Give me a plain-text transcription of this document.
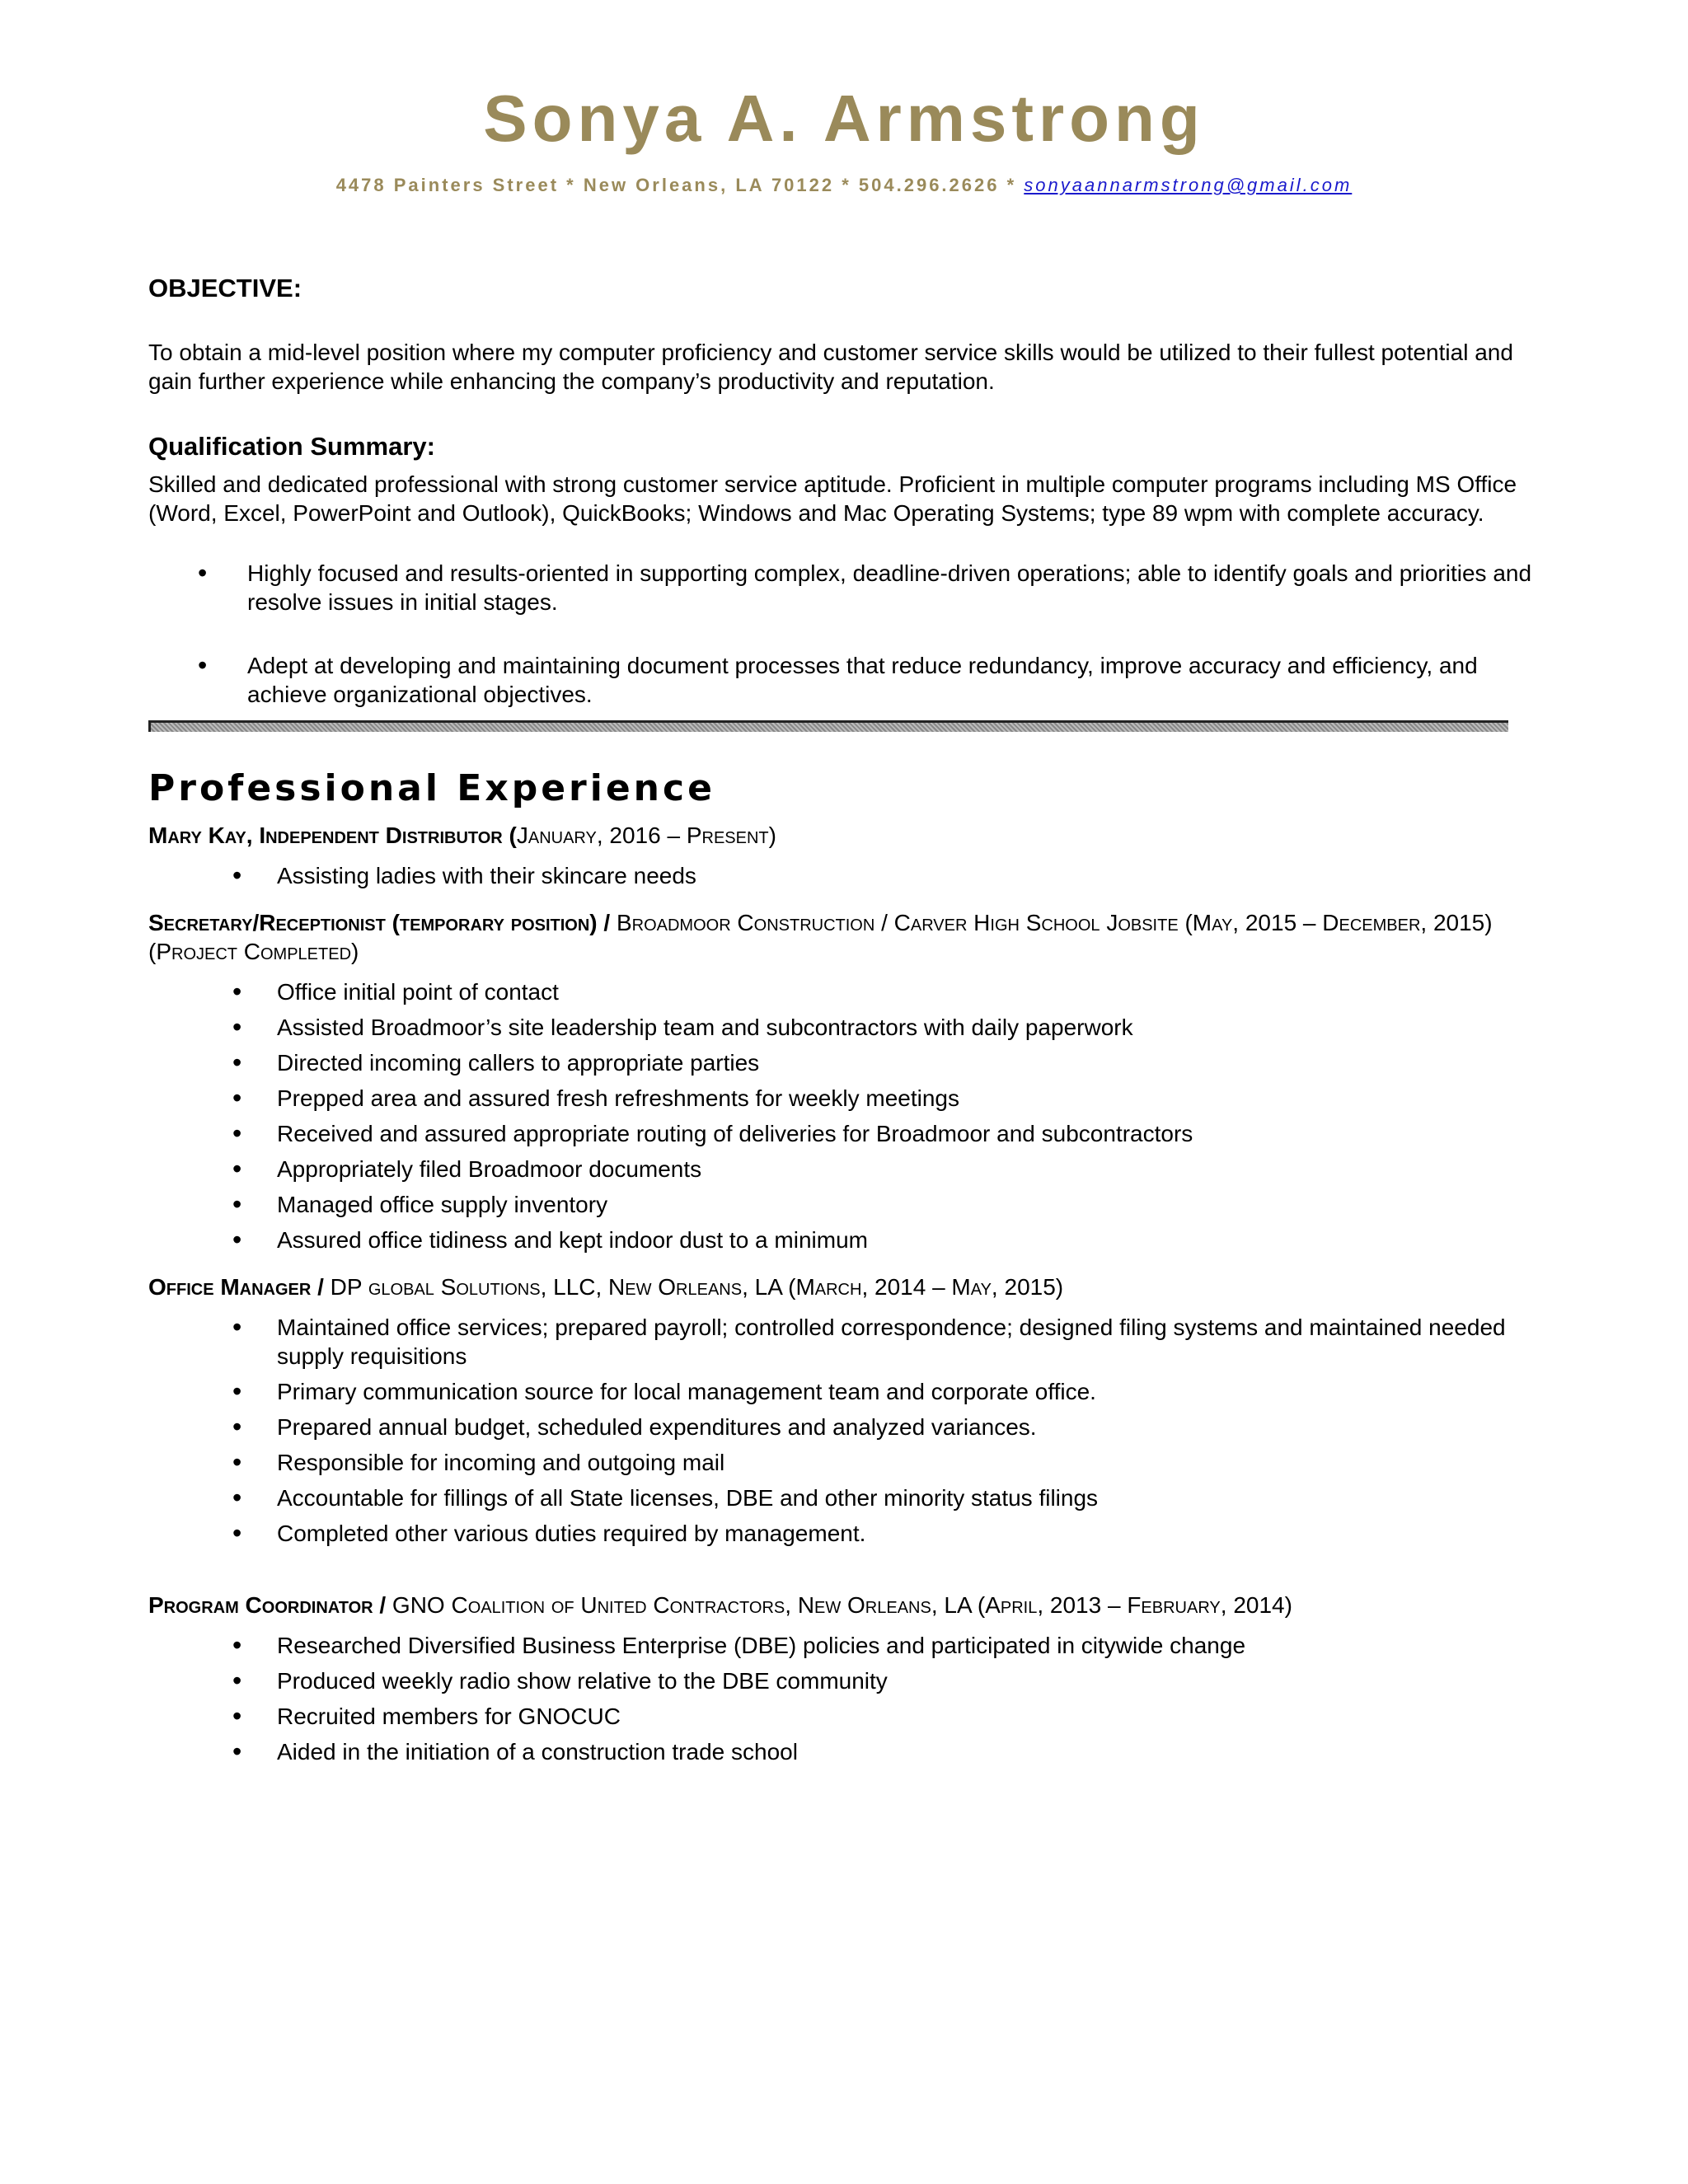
Sonya A. Armstrong
4478 Painters Street * New Orleans, LA 70122 * 504.296.2626 * sonyaannarmstrong@gmail.com
OBJECTIVE:
To obtain a mid-level position where my computer proficiency and customer service skills would be utilized to their fullest potential and gain further experience while enhancing the company’s productivity and reputation.
Qualification Summary:
Skilled and dedicated professional with strong customer service aptitude. Proficient in multiple computer programs including MS Office (Word, Excel, PowerPoint and Outlook), QuickBooks; Windows and Mac Operating Systems; type 89 wpm with complete accuracy.
• Highly focused and results-oriented in supporting complex, deadline-driven operations; able to identify goals and priorities and resolve issues in initial stages.
• Adept at developing and maintaining document processes that reduce redundancy, improve accuracy and efficiency, and achieve organizational objectives.
Professional Experience
Mary Kay, Independent Distributor (January, 2016 – Present)
• Assisting ladies with their skincare needs
Secretary/Receptionist (temporary position) / Broadmoor Construction / Carver High School Jobsite (May, 2015 – December, 2015) (Project Completed)
• Office initial point of contact
• Assisted Broadmoor’s site leadership team and subcontractors with daily paperwork
• Directed incoming callers to appropriate parties
• Prepped area and assured fresh refreshments for weekly meetings
• Received and assured appropriate routing of deliveries for Broadmoor and subcontractors
• Appropriately filed Broadmoor documents
• Managed office supply inventory
• Assured office tidiness and kept indoor dust to a minimum
Office Manager / DP global Solutions, LLC, New Orleans, LA (March, 2014 – May, 2015)
• Maintained office services; prepared payroll; controlled correspondence; designed filing systems and maintained needed supply requisitions
• Primary communication source for local management team and corporate office.
• Prepared annual budget, scheduled expenditures and analyzed variances.
• Responsible for incoming and outgoing mail
• Accountable for fillings of all State licenses, DBE and other minority status filings
• Completed other various duties required by management.
Program Coordinator / GNO Coalition of United Contractors, New Orleans, LA (April, 2013 – February, 2014)
• Researched Diversified Business Enterprise (DBE) policies and participated in citywide change
• Produced weekly radio show relative to the DBE community
• Recruited members for GNOCUC
• Aided in the initiation of a construction trade school
